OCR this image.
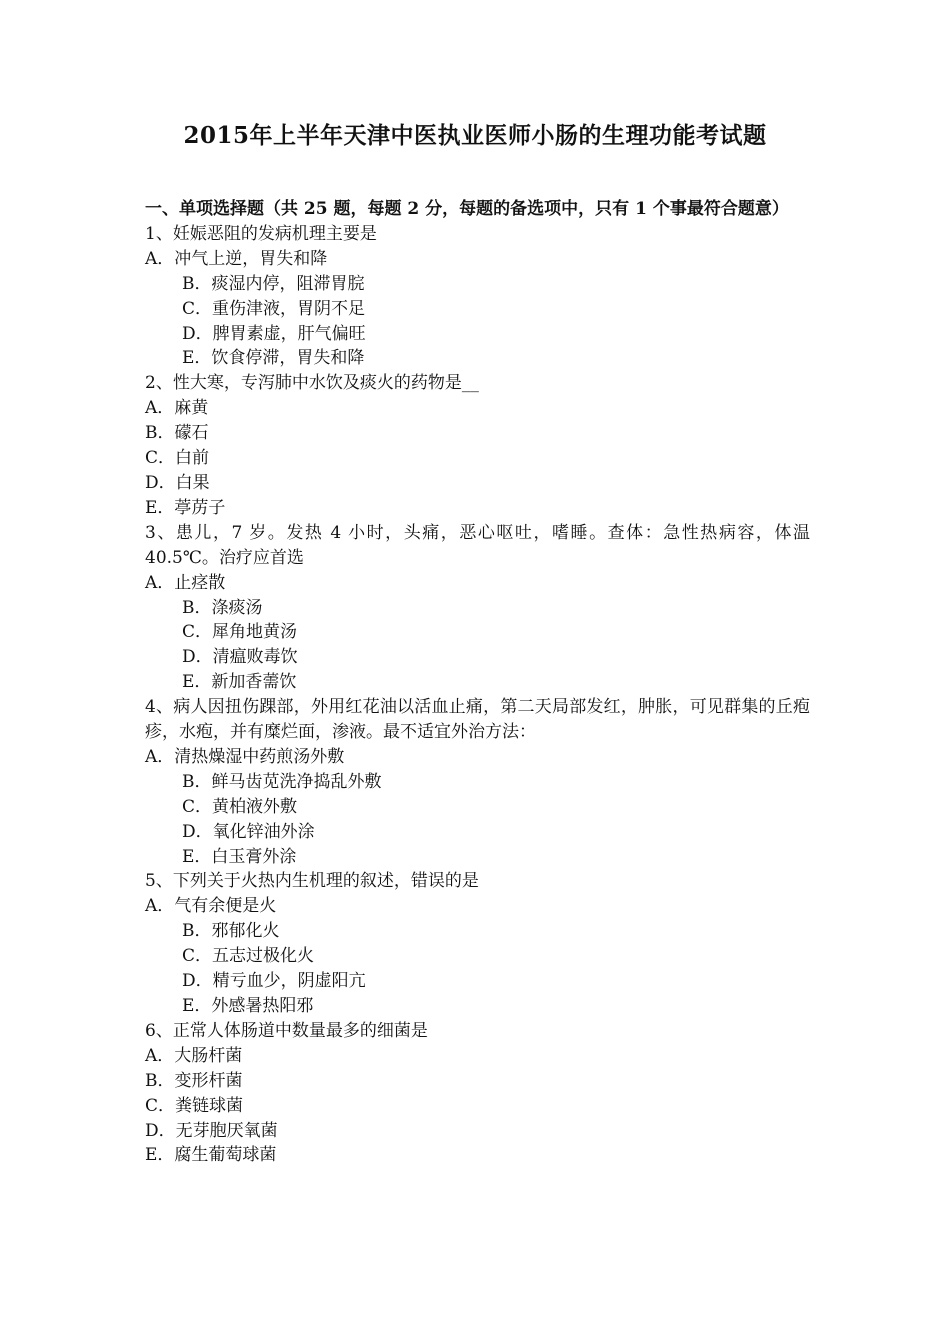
2015年上半年天津中医执业医师小肠的生理功能考试题

一、单项选择题（共 25 题，每题 2 分，每题的备选项中，只有 1 个事最符合题意）

1、妊娠恶阻的发病机理主要是

A．冲气上逆，胃失和降

B．痰湿内停，阻滞胃脘

C．重伤津液，胃阴不足

D．脾胃素虚，肝气偏旺

E．饮食停滞，胃失和降

2、性大寒，专泻肺中水饮及痰火的药物是__

A．麻黄

B．礞石

C．白前

D．白果

E．葶苈子

3、患儿，7 岁。发热 4 小时，头痛，恶心呕吐，嗜睡。查体：急性热病容，体温 40.5℃。治疗应首选

A．止痉散

B．涤痰汤

C．犀角地黄汤

D．清瘟败毒饮

E．新加香薷饮

4、病人因扭伤踝部，外用红花油以活血止痛，第二天局部发红，肿胀，可见群集的丘疱疹，水疱，并有糜烂面，渗液。最不适宜外治方法：

A．清热燥湿中药煎汤外敷

B．鲜马齿苋洗净捣乱外敷

C．黄柏液外敷

D．氧化锌油外涂

E．白玉膏外涂

5、下列关于火热内生机理的叙述，错误的是

A．气有余便是火

B．邪郁化火

C．五志过极化火

D．精亏血少，阴虚阳亢

E．外感暑热阳邪

6、正常人体肠道中数量最多的细菌是

A．大肠杆菌

B．变形杆菌

C．粪链球菌

D．无芽胞厌氧菌

E．腐生葡萄球菌
